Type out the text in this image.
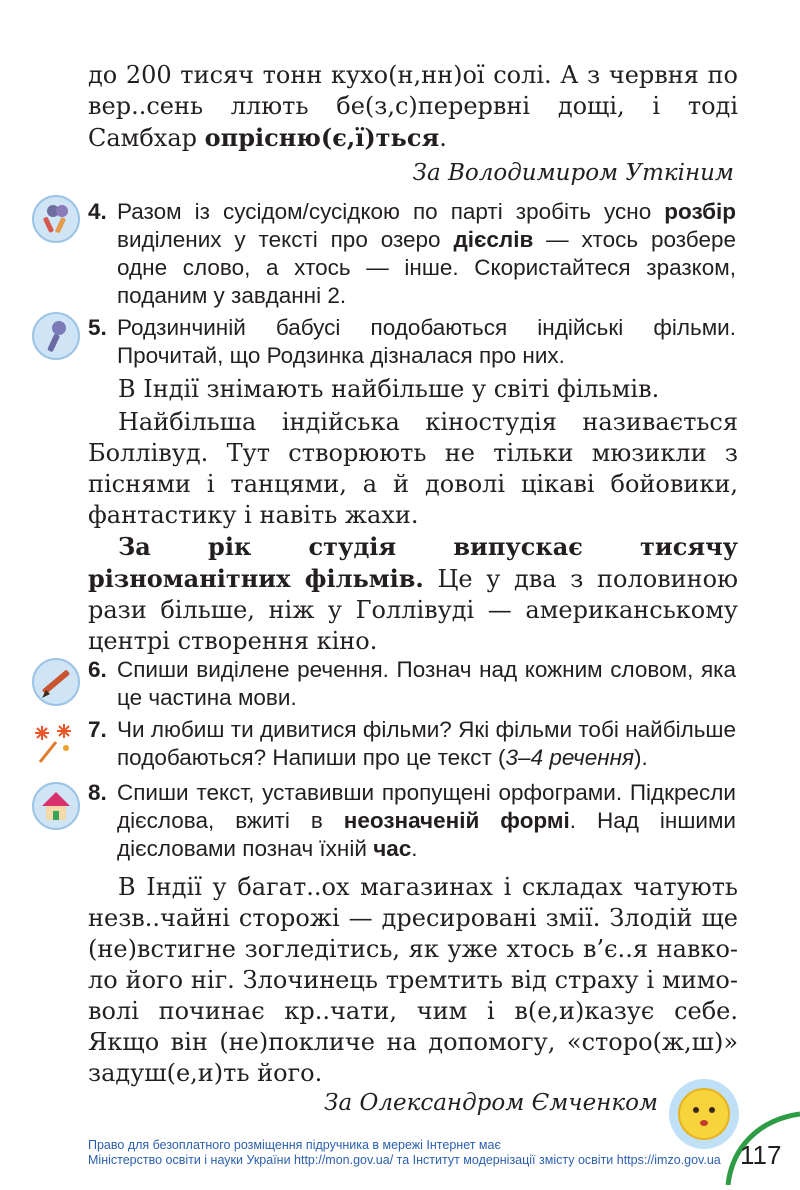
до 200 тисяч тонн кухо(н,нн)ої солі. А з червня по вер..сень ллють бе(з,с)перервні дощі, і тоді Самбхар опрісню(є,ї)ться.
За Володимиром Уткіним
4. Разом із сусідом/сусідкою по парті зробіть усно розбір виділених у тексті про озеро дієслів — хтось розбере одне слово, а хтось — інше. Скористайтеся зразком, поданим у завданні 2.
5. Родзинчиній бабусі подобаються індійські фільми. Прочитай, що Родзинка дізналася про них.
В Індії знімають найбільше у світі фільмів.
Найбільша індійська кіностудія називається Боллівуд. Тут створюють не тільки мюзикли з піснями і танцями, а й доволі цікаві бойовики, фантастику і навіть жахи.
За рік студія випускає тисячу різноманітних фільмів. Це у два з половиною рази більше, ніж у Голлівуді — американському центрі створення кіно.
6. Спиши виділене речення. Познач над кожним словом, яка це частина мови.
7. Чи любиш ти дивитися фільми? Які фільми тобі найбільше подобаються? Напиши про це текст (3–4 речення).
8. Спиши текст, уставивши пропущені орфограми. Підкресли дієслова, вжиті в неозначеній формі. Над іншими дієсловами познач їхній час.
В Індії у багат..ох магазинах і складах чатують незв..чайні сторожі — дресировані змії. Злодій ще (не)встигне зогледітись, як уже хтось в’є..я навколо його ніг. Злочинець тремтить від страху і мимоволі починає кр..чати, чим і в(е,и)казує себе. Якщо він (не)покличе на допомогу, «сторо(ж,ш)» задуш(е,и)ть його.
За Олександром Ємченком
Право для безоплатного розміщення підручника в мережі Інтернет має
Міністерство освіти і науки України http://mon.gov.ua/ та Інститут модернізації змісту освіти https://imzo.gov.ua 117
